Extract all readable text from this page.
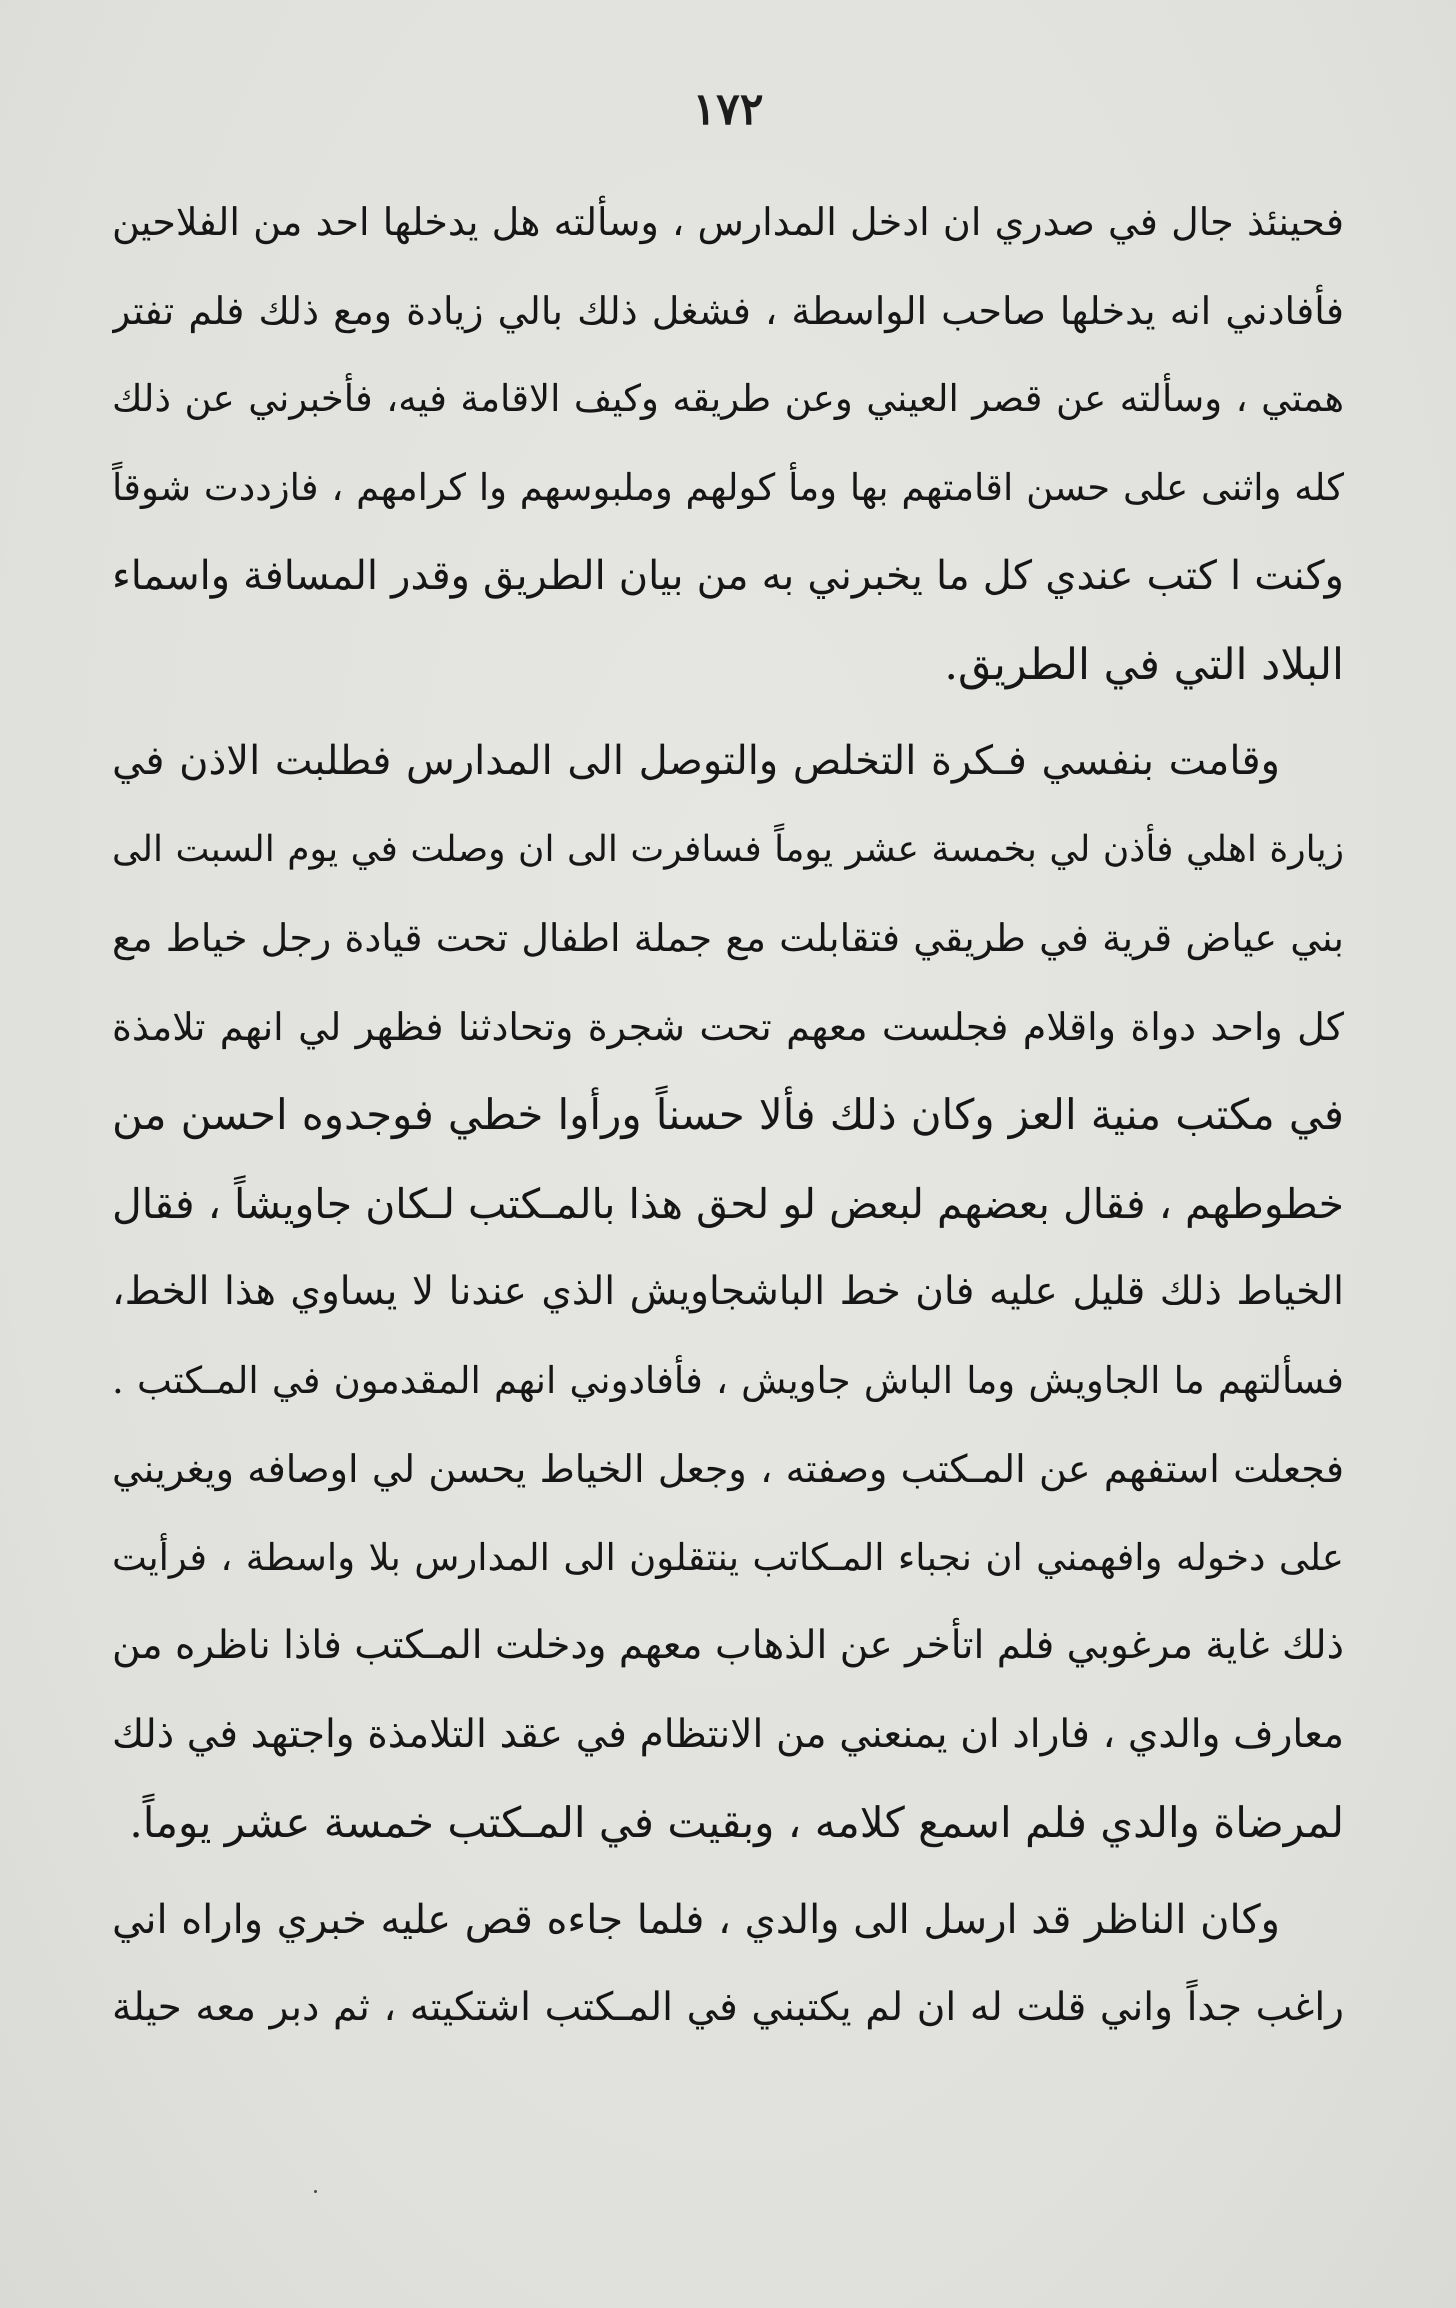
١٧٢
فحينئذ جال في صدري ان ادخل المدارس ، وسألته هل يدخلها احد من الفلاحين
فأفادني انه يدخلها صاحب الواسطة ، فشغل ذلك بالي زيادة ومع ذلك فلم تفتر
همتي ، وسألته عن قصر العيني وعن طريقه وكيف الاقامة فيه، فأخبرني عن ذلك
كله واثنى على حسن اقامتهم بها ومأ كولهم وملبوسهم وا كرامهم ، فازددت شوقاً
وكنت ا كتب عندي كل ما يخبرني به من بيان الطريق وقدر المسافة واسماء
البلاد التي في الطريق.
وقامت بنفسي فـكرة التخلص والتوصل الى المدارس فطلبت الاذن في
زيارة اهلي فأذن لي بخمسة عشر يوماً فسافرت الى ان وصلت في يوم السبت الى
بني عياض قرية في طريقي فتقابلت مع جملة اطفال تحت قيادة رجل خياط مع
كل واحد دواة واقلام فجلست معهم تحت شجرة وتحادثنا فظهر لي انهم تلامذة
في مكتب منية العز وكان ذلك فألا حسناً ورأوا خطي فوجدوه احسن من
خطوطهم ، فقال بعضهم لبعض لو لحق هذا بالمـكتب لـكان جاويشاً ، فقال
الخياط ذلك قليل عليه فان خط الباشجاويش الذي عندنا لا يساوي هذا الخط،
فسألتهم ما الجاويش وما الباش جاويش ، فأفادوني انهم المقدمون في المـكتب .
فجعلت استفهم عن المـكتب وصفته ، وجعل الخياط يحسن لي اوصافه ويغريني
على دخوله وافهمني ان نجباء المـكاتب ينتقلون الى المدارس بلا واسطة ، فرأيت
ذلك غاية مرغوبي فلم اتأخر عن الذهاب معهم ودخلت المـكتب فاذا ناظره من
معارف والدي ، فاراد ان يمنعني من الانتظام في عقد التلامذة واجتهد في ذلك
لمرضاة والدي فلم اسمع كلامه ، وبقيت في المـكتب خمسة عشر يوماً.
وكان الناظر قد ارسل الى والدي ، فلما جاءه قص عليه خبري واراه اني
راغب جداً واني قلت له ان لم يكتبني في المـكتب اشتكيته ، ثم دبر معه حيلة
